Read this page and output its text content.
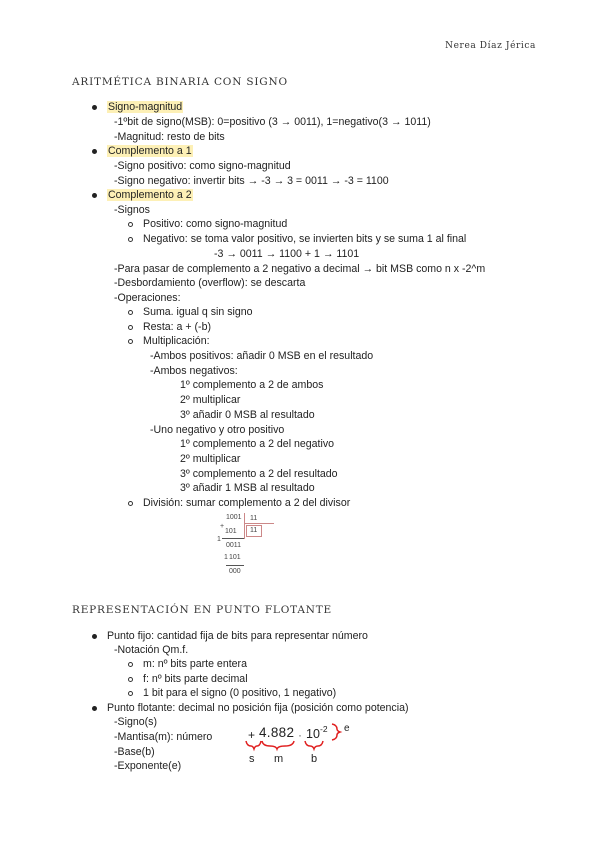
Nerea Díaz Jérica
ARITMÉTICA BINARIA CON SIGNO
Signo-magnitud
-1ºbit de signo(MSB): 0=positivo (3 → 0011), 1=negativo(3 → 1011)
-Magnitud: resto de bits
Complemento a 1
-Signo positivo: como signo-magnitud
-Signo negativo: invertir bits → -3 → 3 = 0011 → -3 = 1100
Complemento a 2
-Signos
Positivo: como signo-magnitud
Negativo: se toma valor positivo, se invierten bits y se suma 1 al final
-3 → 0011 → 1100 + 1 → 1101
-Para pasar de complemento a 2 negativo a decimal → bit MSB como n x -2^m
-Desbordamiento (overflow): se descarta
-Operaciones:
Suma. igual q sin signo
Resta: a + (-b)
Multiplicación:
-Ambos positivos: añadir 0 MSB en el resultado
-Ambos negativos:
1º complemento a 2 de ambos
2º multiplicar
3º añadir 0 MSB al resultado
-Uno negativo y otro positivo
1º complemento a 2 del negativo
2º multiplicar
3º complemento a 2 del resultado
3º añadir 1 MSB al resultado
División: sumar complemento a 2 del divisor
1001
+
101
1
0011
1 101
000
11
11
REPRESENTACIÓN EN PUNTO FLOTANTE
Punto fijo: cantidad fija de bits para representar número
-Notación Qm.f.
m: nº bits parte entera
f: nº bits parte decimal
1 bit para el signo (0 positivo, 1 negativo)
Punto flotante: decimal no posición fija (posición como potencia)
-Signo(s)
-Mantisa(m): número
-Base(b)
-Exponente(e)
+ 4.882 · 10 -2
s m	b
e
